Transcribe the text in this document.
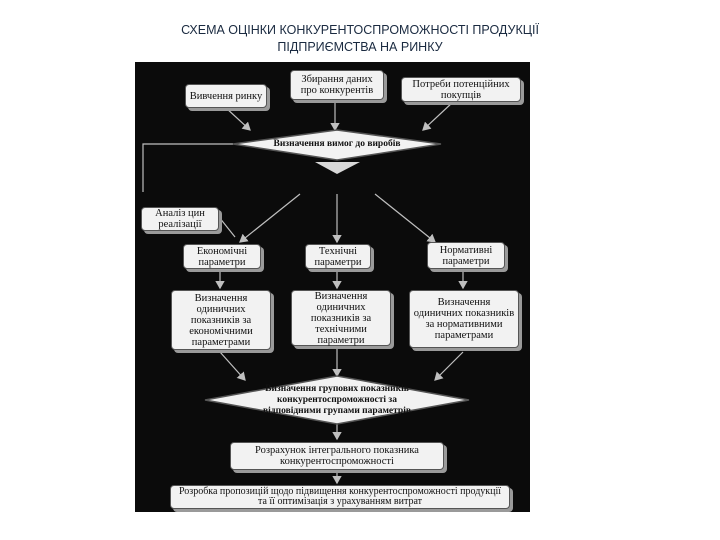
СХЕМА ОЦІНКИ КОНКУРЕНТОСПРОМОЖНОСТІ ПРОДУКЦІЇ
ПІДПРИЄМСТВА НА РИНКУ
Вивчення ринку
Збирання даних про конкурентів
Потреби потенційних покупців
Визначення вимог до виробів
Аналіз цин реалізації
Економічні параметри
Технічні параметри
Нормативні параметри
Визначення одиничних показників за економічними параметрами
Визначення одиничних показників за технічними параметри
Визначення одиничних показників за нормативними параметрами
Визначення групових показників конкурентоспроможності за відповідними групами параметрів
Розрахунок інтегрального показника конкурентоспроможності
Розробка пропозицій щодо підвищення конкурентоспроможності продукції та її оптимізація з урахуванням витрат
